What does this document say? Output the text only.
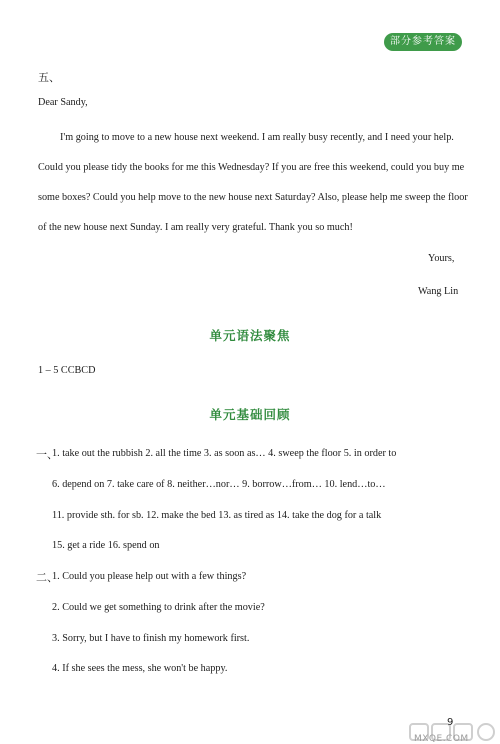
部分参考答案
五、
Dear Sandy,
I'm going to move to a new house next weekend. I am really busy recently, and I need your help.
Could you please tidy the books for me this Wednesday? If you are free this weekend, could you buy me
some boxes? Could you help move to the new house next Saturday? Also, please help me sweep the floor
of the new house next Sunday. I am really very grateful. Thank you so much!
Yours,
Wang Lin
单元语法聚焦
1 – 5 CCBCD
单元基础回顾
一、
1. take out the rubbish 2. all the time 3. as soon as… 4. sweep the floor 5. in order to
6. depend on 7. take care of 8. neither…nor… 9. borrow…from… 10. lend…to…
11. provide sth. for sb. 12. make the bed 13. as tired as 14. take the dog for a talk
15. get a ride 16. spend on
二、
1. Could you please help out with a few things?
2. Could we get something to drink after the movie?
3. Sorry, but I have to finish my homework first.
4. If she sees the mess, she won't be happy.
9
MXQE.COM
